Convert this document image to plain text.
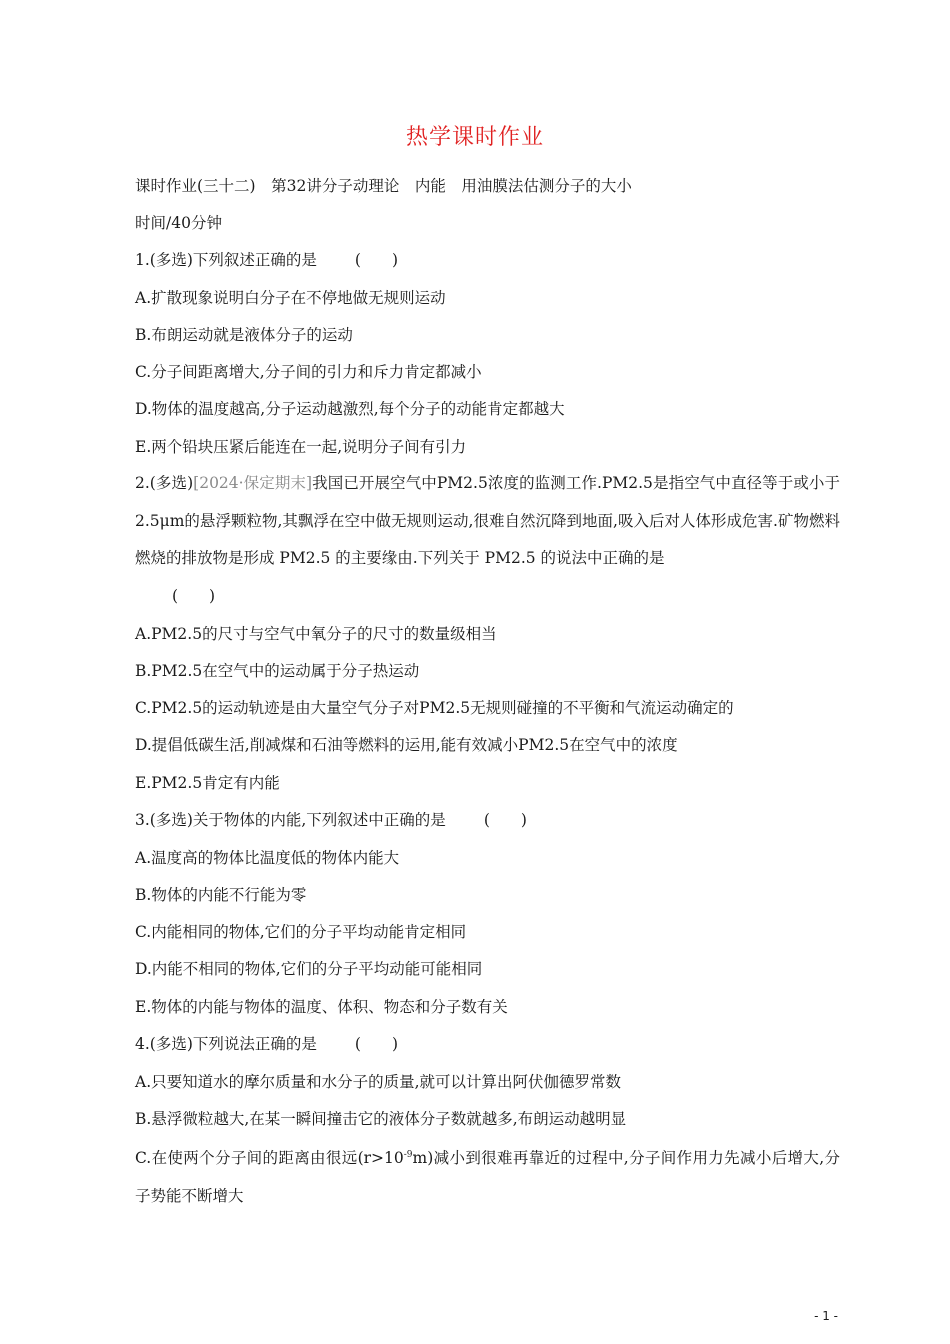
热学课时作业
课时作业(三十二)　第32讲分子动理论　内能　用油膜法估测分子的大小
时间/40分钟
1.(多选)下列叙述正确的是 (　　)
A.扩散现象说明白分子在不停地做无规则运动
B.布朗运动就是液体分子的运动
C.分子间距离增大,分子间的引力和斥力肯定都减小
D.物体的温度越高,分子运动越激烈,每个分子的动能肯定都越大
E.两个铅块压紧后能连在一起,说明分子间有引力
2.(多选)[2024·保定期末]我国已开展空气中PM2.5浓度的监测工作.PM2.5是指空气中直径等于或小于2.5μm的悬浮颗粒物,其飘浮在空中做无规则运动,很难自然沉降到地面,吸入后对人体形成危害.矿物燃料燃烧的排放物是形成 PM2.5 的主要缘由.下列关于 PM2.5 的说法中正确的是
(　　)
A.PM2.5的尺寸与空气中氧分子的尺寸的数量级相当
B.PM2.5在空气中的运动属于分子热运动
C.PM2.5的运动轨迹是由大量空气分子对PM2.5无规则碰撞的不平衡和气流运动确定的
D.提倡低碳生活,削减煤和石油等燃料的运用,能有效减小PM2.5在空气中的浓度
E.PM2.5肯定有内能
3.(多选)关于物体的内能,下列叙述中正确的是 (　　)
A.温度高的物体比温度低的物体内能大
B.物体的内能不行能为零
C.内能相同的物体,它们的分子平均动能肯定相同
D.内能不相同的物体,它们的分子平均动能可能相同
E.物体的内能与物体的温度、体积、物态和分子数有关
4.(多选)下列说法正确的是 (　　)
A.只要知道水的摩尔质量和水分子的质量,就可以计算出阿伏伽德罗常数
B.悬浮微粒越大,在某一瞬间撞击它的液体分子数就越多,布朗运动越明显
C.在使两个分子间的距离由很远$(r>10^{-9}m)$减小到很难再靠近的过程中,分子间作用力先减小后增大,分子势能不断增大
- 1 -
